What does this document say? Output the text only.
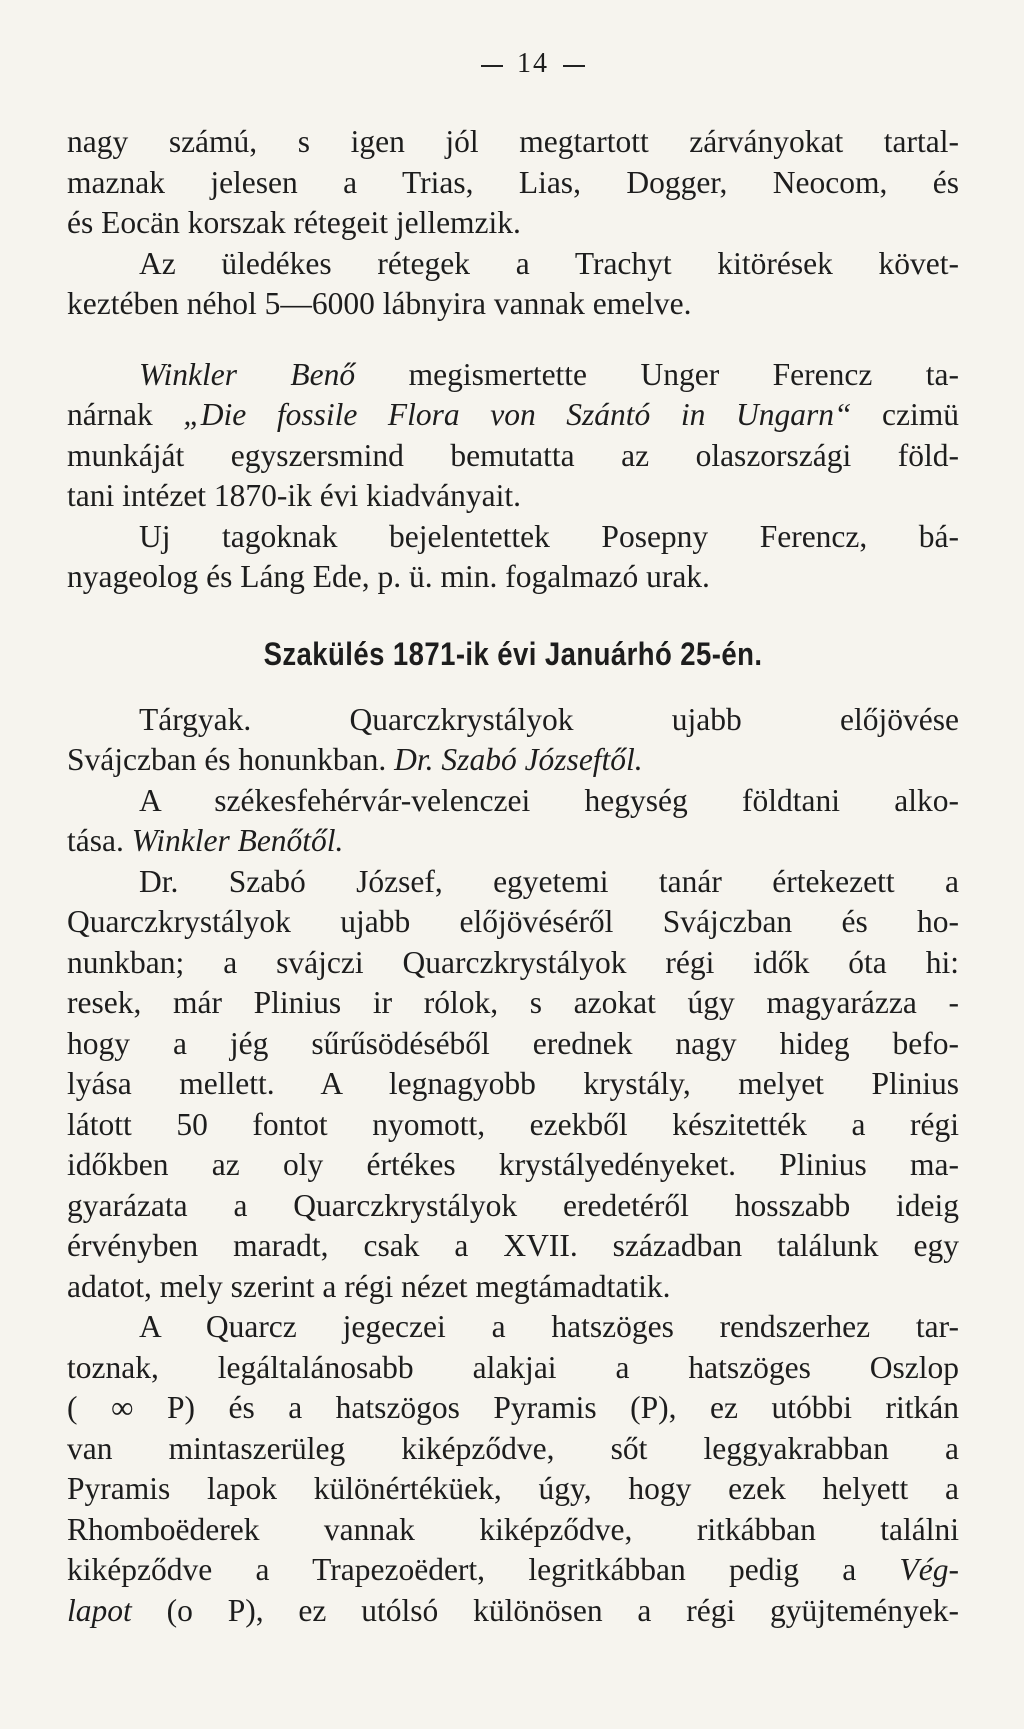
14

nagy számú, s igen jól megtartott zárványokat tartal-
maznak jelesen a Trias, Lias, Dogger, Neocom, és
és Eocän korszak rétegeit jellemzik.

Az üledékes rétegek a Trachyt kitörések követ-
keztében néhol 5—6000 lábnyira vannak emelve.

Winkler Benő megismertette Unger Ferencz ta-
nárnak „Die fossile Flora von Szántó in Ungarn“ czimü
munkáját egyszersmind bemutatta az olaszországi föld-
tani intézet 1870-ik évi kiadványait.

Uj tagoknak bejelentettek Posepny Ferencz, bá-
nyageolog és Láng Ede, p. ü. min. fogalmazó urak.

Szakülés 1871-ik évi Januárhó 25-én.

Tárgyak. Quarczkrystályok ujabb előjövése
Svájczban és honunkban. Dr. Szabó Józseftől.

A székesfehérvár-velenczei hegység földtani alko-
tása. Winkler Benőtől.

Dr. Szabó József, egyetemi tanár értekezett a
Quarczkrystályok ujabb előjövéséről Svájczban és ho-
nunkban; a svájczi Quarczkrystályok régi idők óta hi:
resek, már Plinius ir rólok, s azokat úgy magyarázza -
hogy a jég sűrűsödéséből erednek nagy hideg befo-
lyása mellett. A legnagyobb krystály, melyet Plinius
látott 50 fontot nyomott, ezekből készitették a régi
időkben az oly értékes krystályedényeket. Plinius ma-
gyarázata a Quarczkrystályok eredetéről hosszabb ideig
érvényben maradt, csak a XVII. században találunk egy
adatot, mely szerint a régi nézet megtámadtatik.

A Quarcz jegeczei a hatszöges rendszerhez tar-
toznak, legáltalánosabb alakjai a hatszöges Oszlop
( ∞ P) és a hatszögos Pyramis (P), ez utóbbi ritkán
van mintaszerüleg kiképződve, sőt leggyakrabban a
Pyramis lapok különértéküek, úgy, hogy ezek helyett a
Rhomboëderek vannak kiképződve, ritkábban találni
kiképződve a Trapezoëdert, legritkábban pedig a Vég-
lapot (o P), ez utólsó különösen a régi gyüjtemények-
